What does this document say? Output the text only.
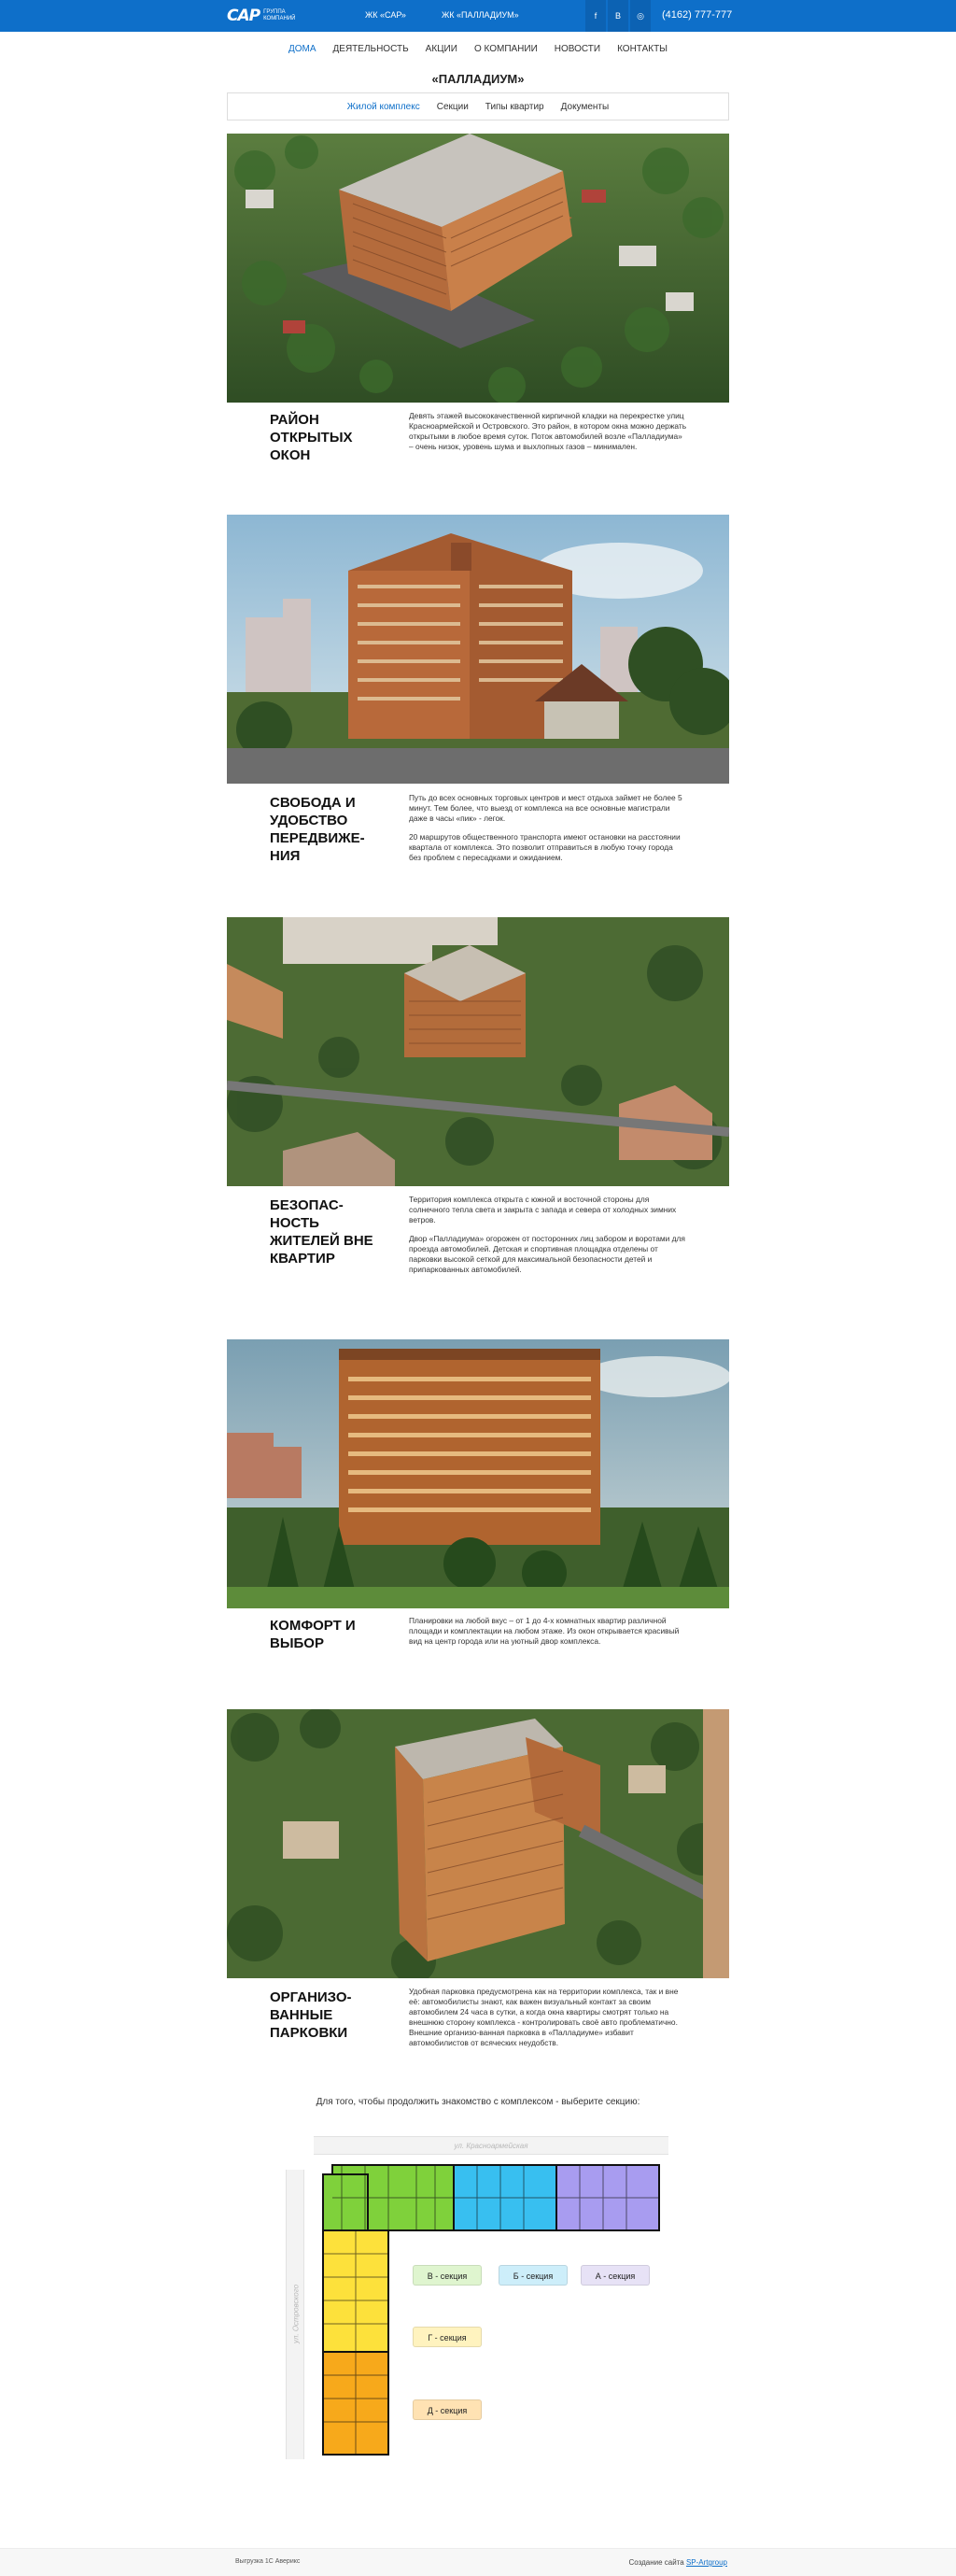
САР ГРУППА КОМПАНИЙ	ЖК «САР»	ЖК «ПАЛЛАДИУМ»	f	В	◎	(4162) 777-777
ДОМА ДЕЯТЕЛЬНОСТЬ АКЦИИ О КОМПАНИИ НОВОСТИ КОНТАКТЫ
«ПАЛЛАДИУМ»
Жилой комплекс Секции Типы квартир Документы
РАЙОН ОТКРЫТЫХ ОКОН

Девять этажей высококачественной кирпичной кладки на перекрестке улиц Красноармейской и Островского. Это район, в котором окна можно держать открытыми в любое время суток. Поток автомобилей возле «Палладиума» – очень низок, уровень шума и выхлопных газов – минимален.

СВОБОДА И УДОБСТВО ПЕРЕДВИЖЕ-НИЯ

Путь до всех основных торговых центров и мест отдыха займет не более 5 минут. Тем более, что выезд от комплекса на все основные магистрали даже в часы «пик» - легок.

20 маршрутов общественного транспорта имеют остановки на расстоянии квартала от комплекса. Это позволит отправиться в любую точку города без проблем с пересадками и ожиданием.

БЕЗОПАС-НОСТЬ ЖИТЕЛЕЙ ВНЕ КВАРТИР

Территория комплекса открыта с южной и восточной стороны для солнечного тепла света и закрыта с запада и севера от холодных зимних ветров.

Двор «Палладиума» огорожен от посторонних лиц забором и воротами для проезда автомобилей. Детская и спортивная площадка отделены от парковки высокой сеткой для максимальной безопасности детей и припаркованных автомобилей.

КОМФОРТ И ВЫБОР

Планировки на любой вкус – от 1 до 4-х комнатных квартир различной площади и комплектации на любом этаже. Из окон открывается красивый вид на центр города или на уютный двор комплекса.

ОРГАНИЗО-ВАННЫЕ ПАРКОВКИ

Удобная парковка предусмотрена как на территории комплекса, так и вне её: автомобилисты знают, как важен визуальный контакт за своим автомобилем 24 часа в сутки, а когда окна квартиры смотрят только на внешнюю сторону комплекса - контролировать своё авто проблематично. Внешние организо-ванная парковка в «Палладиуме» избавит автомобилистов от всяческих неудобств.

Для того, чтобы продолжить знакомство с комплексом - выберите секцию:
ул. Красноармейская
ул. Островского
В - секция	Б - секция	А - секция
Г - секция
Д - секция
Выгрузка 1С Аверикс	Создание сайта SP-Artgroup
